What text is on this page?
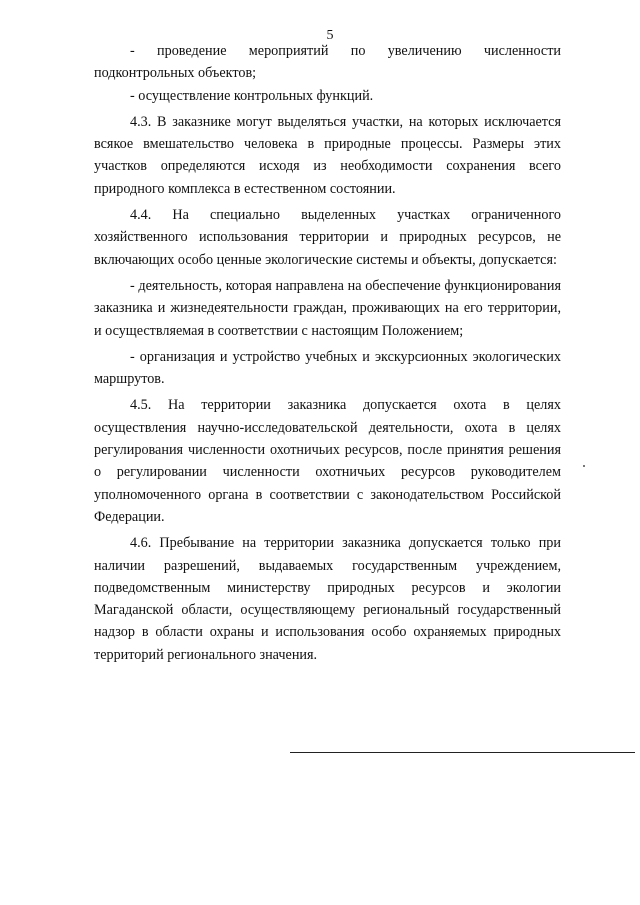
5

- проведение мероприятий по увеличению численности подконтрольных объектов;

- осуществление контрольных функций.

4.3. В заказнике могут выделяться участки, на которых исключается всякое вмешательство человека в природные процессы. Размеры этих участков определяются исходя из необходимости сохранения всего природного комплекса в естественном состоянии.

4.4. На специально выделенных участках ограниченного хозяйственного использования территории и природных ресурсов, не включающих особо ценные экологические системы и объекты, допускается:

- деятельность, которая направлена на обеспечение функционирования заказника и жизнедеятельности граждан, проживающих на его территории, и осуществляемая в соответствии с настоящим Положением;

- организация и устройство учебных и экскурсионных экологических маршрутов.

4.5. На территории заказника допускается охота в целях осуществления научно-исследовательской деятельности, охота в целях регулирования численности охотничьих ресурсов, после принятия решения о регулировании численности охотничьих ресурсов руководителем уполномоченного органа в соответствии с законодательством Российской Федерации.

4.6. Пребывание на территории заказника допускается только при наличии разрешений, выдаваемых государственным учреждением, подведомственным министерству природных ресурсов и экологии Магаданской области, осуществляющему региональный государственный надзор в области охраны и использования особо охраняемых природных территорий регионального значения.
